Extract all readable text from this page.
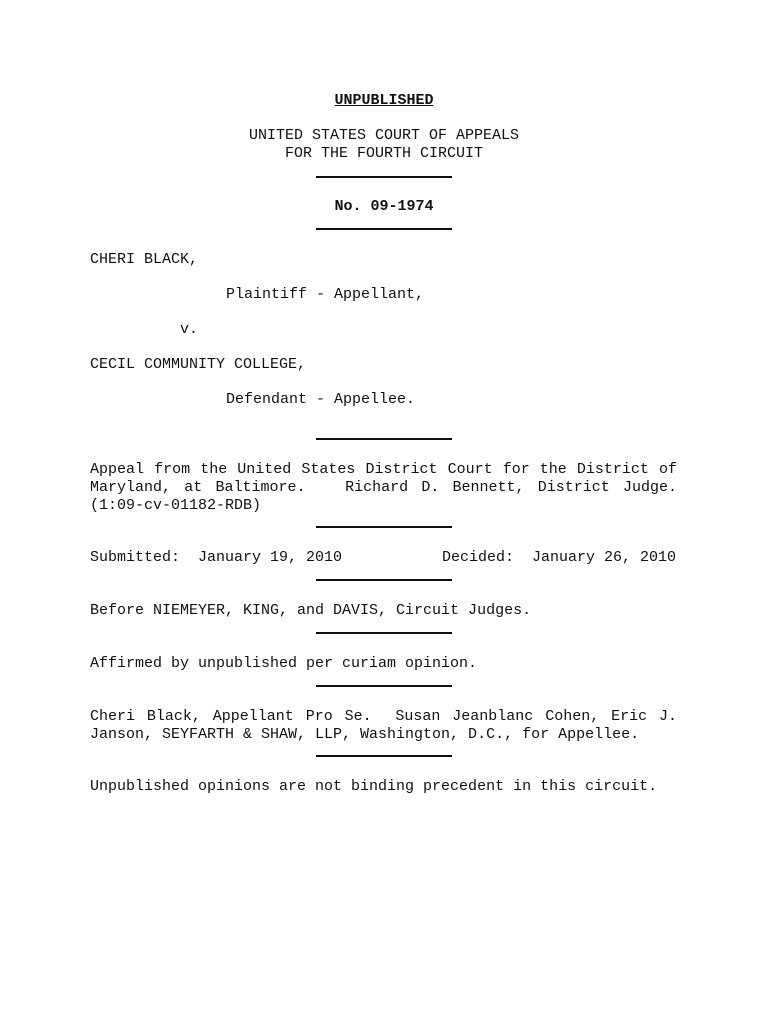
UNPUBLISHED
UNITED STATES COURT OF APPEALS
FOR THE FOURTH CIRCUIT
No. 09-1974
CHERI BLACK,
Plaintiff - Appellant,
v.
CECIL COMMUNITY COLLEGE,
Defendant - Appellee.
Appeal from the United States District Court for the District of
Maryland, at Baltimore.   Richard D. Bennett, District Judge.
(1:09-cv-01182-RDB)
Submitted:  January 19, 2010	Decided:  January 26, 2010
Before NIEMEYER, KING, and DAVIS, Circuit Judges.
Affirmed by unpublished per curiam opinion.
Cheri Black, Appellant Pro Se.  Susan Jeanblanc Cohen, Eric J.
Janson, SEYFARTH & SHAW, LLP, Washington, D.C., for Appellee.
Unpublished opinions are not binding precedent in this circuit.
